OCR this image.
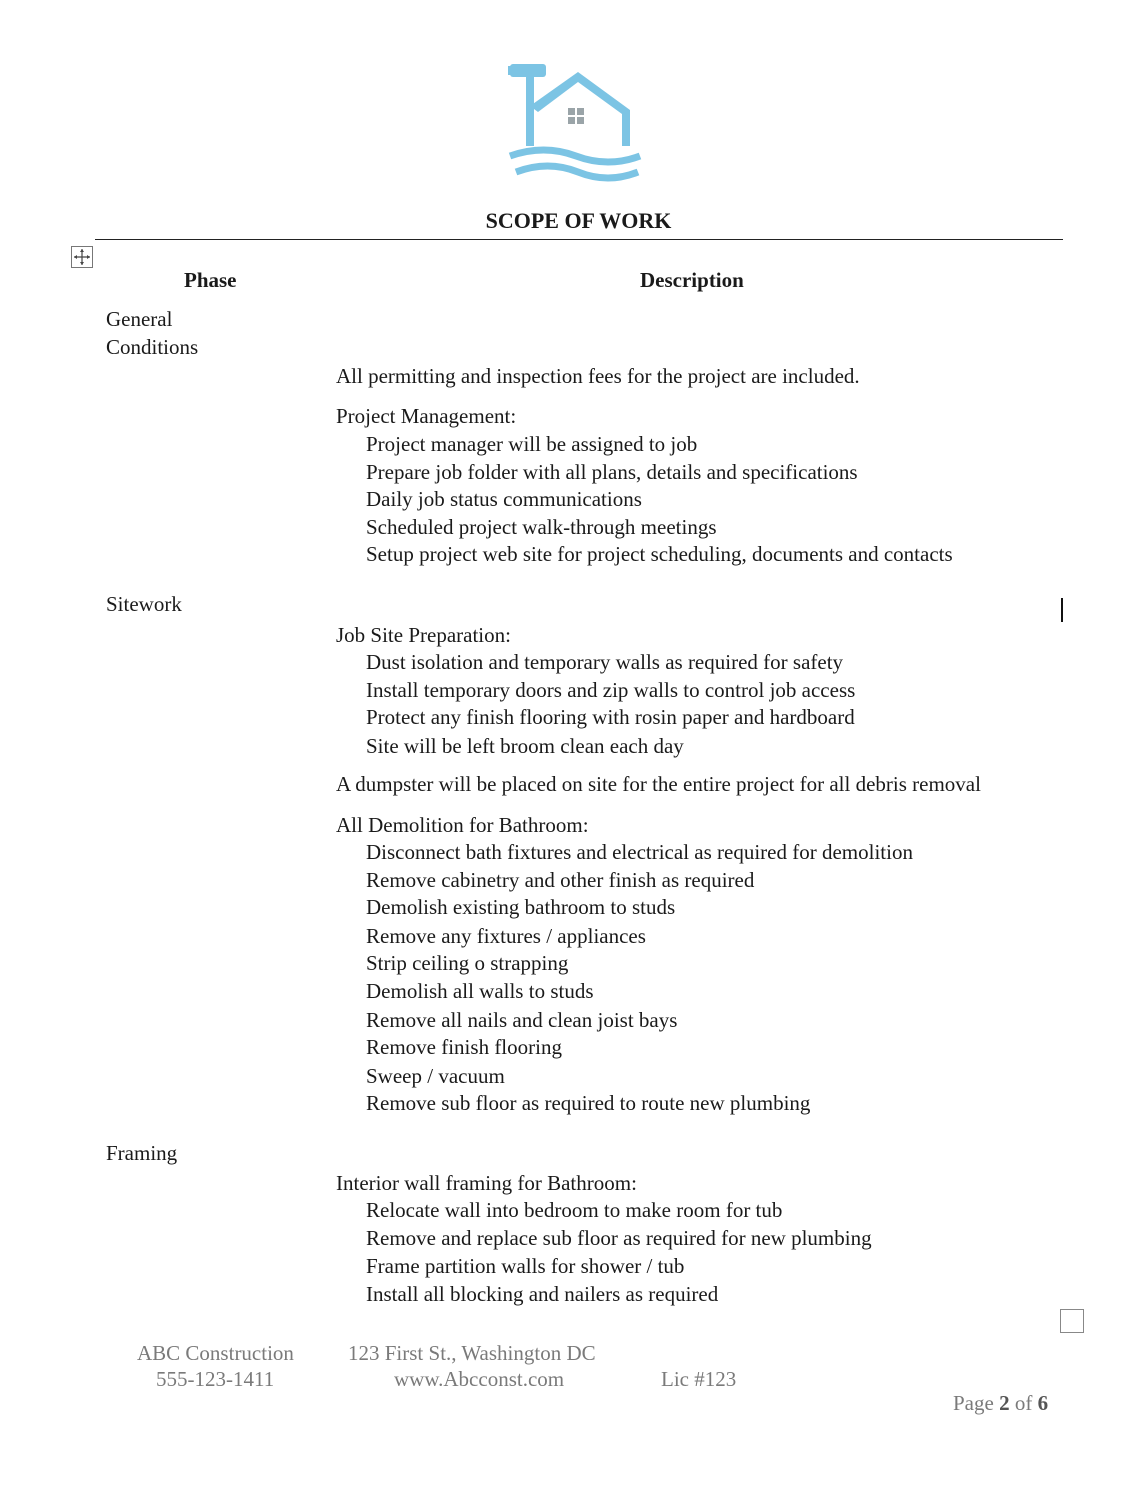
SCOPE OF WORK
Phase	Description
General
Conditions
All permitting and inspection fees for the project are included.
Project Management:
Project manager will be assigned to job
Prepare job folder with all plans, details and specifications
Daily job status communications
Scheduled project walk-through meetings
Setup project web site for project scheduling, documents and contacts
Sitework
Job Site Preparation:
Dust isolation and temporary walls as required for safety
Install temporary doors and zip walls to control job access
Protect any finish flooring with rosin paper and hardboard
Site will be left broom clean each day
A dumpster will be placed on site for the entire project for all debris removal
All Demolition for Bathroom:
Disconnect bath fixtures and electrical as required for demolition
Remove cabinetry and other finish as required
Demolish existing bathroom to studs
Remove any fixtures / appliances
Strip ceiling o strapping
Demolish all walls to studs
Remove all nails and clean joist bays
Remove finish flooring
Sweep / vacuum
Remove sub floor as required to route new plumbing
Framing
Interior wall framing for Bathroom:
Relocate wall into bedroom to make room for tub
Remove and replace sub floor as required for new plumbing
Frame partition walls for shower / tub
Install all blocking and nailers as required
ABC Construction
555-123-1411
123 First St., Washington DC
www.Abcconst.com	Lic #123
Page 2 of 6
